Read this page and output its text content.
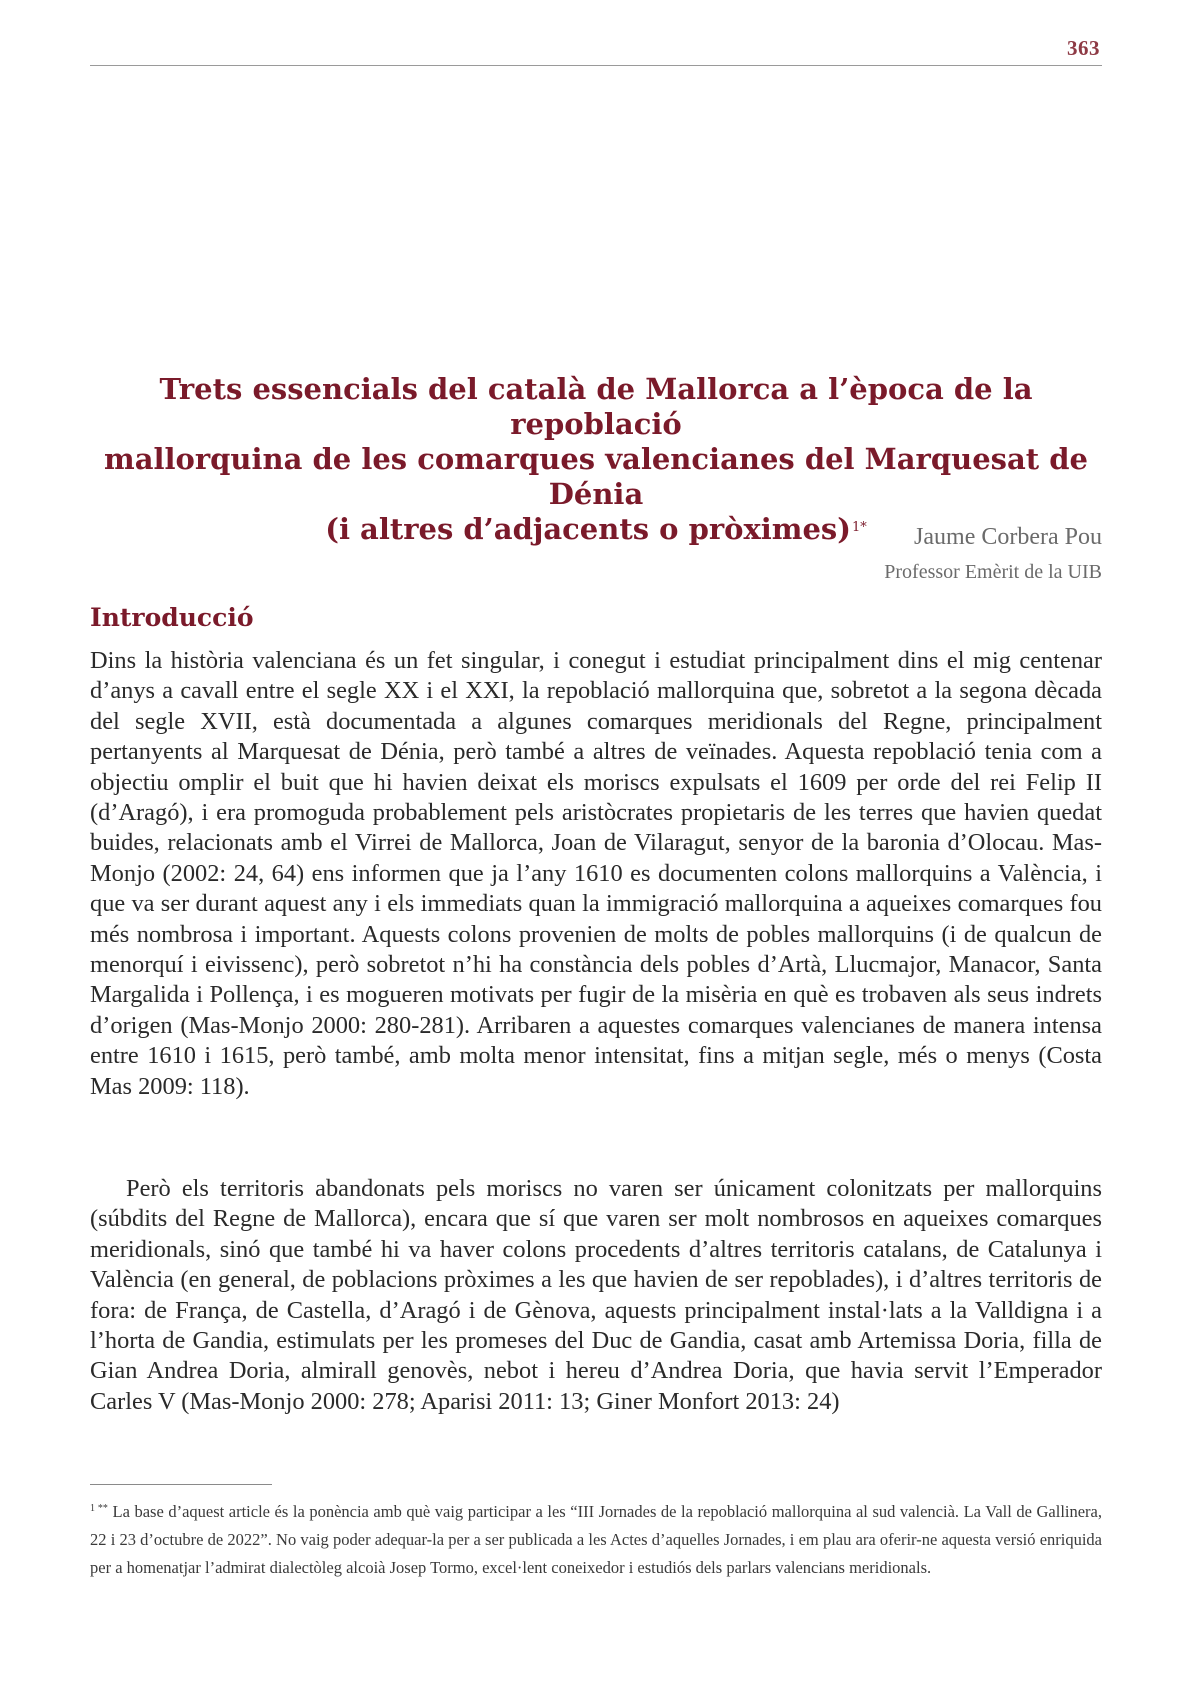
363
Trets essencials del català de Mallorca a l’època de la repoblació
mallorquina de les comarques valencianes del Marquesat de Dénia
(i altres d’adjacents o pròximes)$^{1*}$	Jaume Corbera Pou
Professor Emèrit de la UIB
Introducció

Dins la història valenciana és un fet singular, i conegut i estudiat principalment dins el mig centenar d’anys a cavall entre el segle XX i el XXI, la repoblació mallorquina que, sobretot a la segona dècada del segle XVII, està documentada a algunes comarques meridionals del Regne, principalment pertanyents al Marquesat de Dénia, però també a altres de veïnades. Aquesta repoblació tenia com a objectiu omplir el buit que hi havien deixat els moriscs expulsats el 1609 per orde del rei Felip II (d’Aragó), i era promoguda probablement pels aristòcrates propietaris de les terres que havien quedat buides, relacionats amb el Virrei de Mallorca, Joan de Vilaragut, senyor de la baronia d’Olocau. Mas-Monjo (2002: 24, 64) ens informen que ja l’any 1610 es documenten colons mallorquins a València, i que va ser durant aquest any i els immediats quan la immigració mallorquina a aqueixes comarques fou més nombrosa i important. Aquests colons provenien de molts de pobles mallorquins (i de qualcun de menorquí i eivissenc), però sobretot n’hi ha constància dels pobles d’Artà, Llucmajor, Manacor, Santa Margalida i Pollença, i es mogueren motivats per fugir de la misèria en què es trobaven als seus indrets d’origen (Mas-Monjo 2000: 280-281). Arribaren a aquestes comarques valencianes de manera intensa entre 1610 i 1615, però també, amb molta menor intensitat, fins a mitjan segle, més o menys (Costa Mas 2009: 118).

Però els territoris abandonats pels moriscs no varen ser únicament colonitzats per mallorquins (súbdits del Regne de Mallorca), encara que sí que varen ser molt nombrosos en aqueixes comarques meridionals, sinó que també hi va haver colons procedents d’altres territoris catalans, de Catalunya i València (en general, de poblacions pròximes a les que havien de ser repoblades), i d’altres territoris de fora: de França, de Castella, d’Aragó i de Gènova, aquests principalment instal·lats a la Valldigna i a l’horta de Gandia, estimulats per les promeses del Duc de Gandia, casat amb Artemissa Doria, filla de Gian Andrea Doria, almirall genovès, nebot i hereu d’Andrea Doria, que havia servit l’Emperador Carles V (Mas-Monjo 2000: 278; Aparisi 2011: 13; Giner Monfort 2013: 24)

$^{1 **}$ La base d’aquest article és la ponència amb què vaig participar a les “III Jornades de la repoblació mallorquina al sud valencià. La Vall de Gallinera, 22 i 23 d’octubre de 2022”. No vaig poder adequar-la per a ser publicada a les Actes d’aquelles Jornades, i em plau ara oferir-ne aquesta versió enriquida per a homenatjar l’admirat dialectòleg alcoià Josep Tormo, excel·lent coneixedor i estudiós dels parlars valencians meridionals.
